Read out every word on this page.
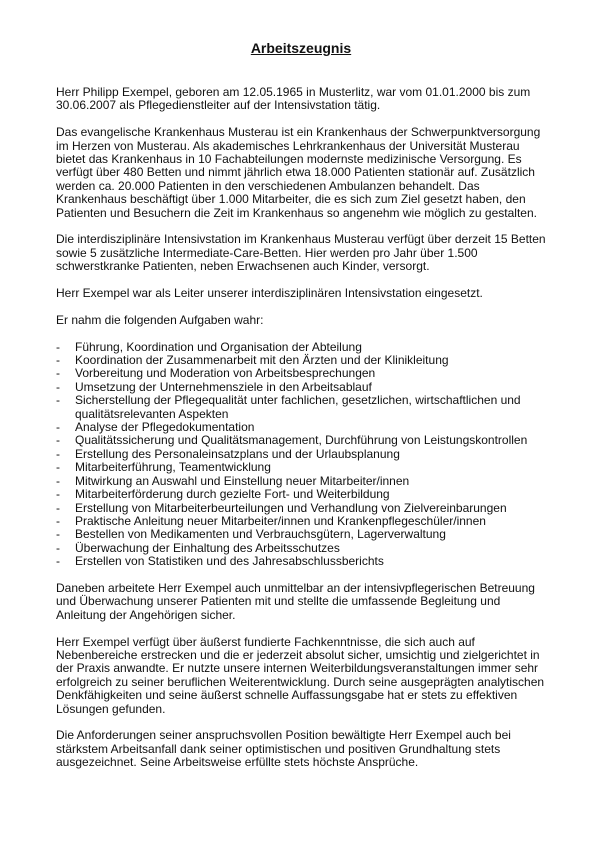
Arbeitszeugnis

Herr Philipp Exempel, geboren am 12.05.1965 in Musterlitz, war vom 01.01.2000 bis zum 30.06.2007 als Pflegedienstleiter auf der Intensivstation tätig.

Das evangelische Krankenhaus Musterau ist ein Krankenhaus der Schwerpunktversorgung im Herzen von Musterau. Als akademisches Lehrkrankenhaus der Universität Musterau bietet das Krankenhaus in 10 Fachabteilungen modernste medizinische Versorgung. Es verfügt über 480 Betten und nimmt jährlich etwa 18.000 Patienten stationär auf. Zusätzlich werden ca. 20.000 Patienten in den verschiedenen Ambulanzen behandelt. Das Krankenhaus beschäftigt über 1.000 Mitarbeiter, die es sich zum Ziel gesetzt haben, den Patienten und Besuchern die Zeit im Krankenhaus so angenehm wie möglich zu gestalten.

Die interdisziplinäre Intensivstation im Krankenhaus Musterau verfügt über derzeit 15 Betten sowie 5 zusätzliche Intermediate-Care-Betten. Hier werden pro Jahr über 1.500 schwerstkranke Patienten, neben Erwachsenen auch Kinder, versorgt.

Herr Exempel war als Leiter unserer interdisziplinären Intensivstation eingesetzt.

Er nahm die folgenden Aufgaben wahr:

- Führung, Koordination und Organisation der Abteilung
- Koordination der Zusammenarbeit mit den Ärzten und der Klinikleitung
- Vorbereitung und Moderation von Arbeitsbesprechungen
- Umsetzung der Unternehmensziele in den Arbeitsablauf
- Sicherstellung der Pflegequalität unter fachlichen, gesetzlichen, wirtschaftlichen und qualitätsrelevanten Aspekten
- Analyse der Pflegedokumentation
- Qualitätssicherung und Qualitätsmanagement, Durchführung von Leistungskontrollen
- Erstellung des Personaleinsatzplans und der Urlaubsplanung
- Mitarbeiterführung, Teamentwicklung
- Mitwirkung an Auswahl und Einstellung neuer Mitarbeiter/innen
- Mitarbeiterförderung durch gezielte Fort- und Weiterbildung
- Erstellung von Mitarbeiterbeurteilungen und Verhandlung von Zielvereinbarungen
- Praktische Anleitung neuer Mitarbeiter/innen und Krankenpflegeschüler/innen
- Bestellen von Medikamenten und Verbrauchsgütern, Lagerverwaltung
- Überwachung der Einhaltung des Arbeitsschutzes
- Erstellen von Statistiken und des Jahresabschlussberichts

Daneben arbeitete Herr Exempel auch unmittelbar an der intensivpflegerischen Betreuung und Überwachung unserer Patienten mit und stellte die umfassende Begleitung und Anleitung der Angehörigen sicher.

Herr Exempel verfügt über äußerst fundierte Fachkenntnisse, die sich auch auf Nebenbereiche erstrecken und die er jederzeit absolut sicher, umsichtig und zielgerichtet in der Praxis anwandte. Er nutzte unsere internen Weiterbildungsveranstaltungen immer sehr erfolgreich zu seiner beruflichen Weiterentwicklung. Durch seine ausgeprägten analytischen Denkfähigkeiten und seine äußerst schnelle Auffassungsgabe hat er stets zu effektiven Lösungen gefunden.

Die Anforderungen seiner anspruchsvollen Position bewältigte Herr Exempel auch bei stärkstem Arbeitsanfall dank seiner optimistischen und positiven Grundhaltung stets ausgezeichnet. Seine Arbeitsweise erfüllte stets höchste Ansprüche.
